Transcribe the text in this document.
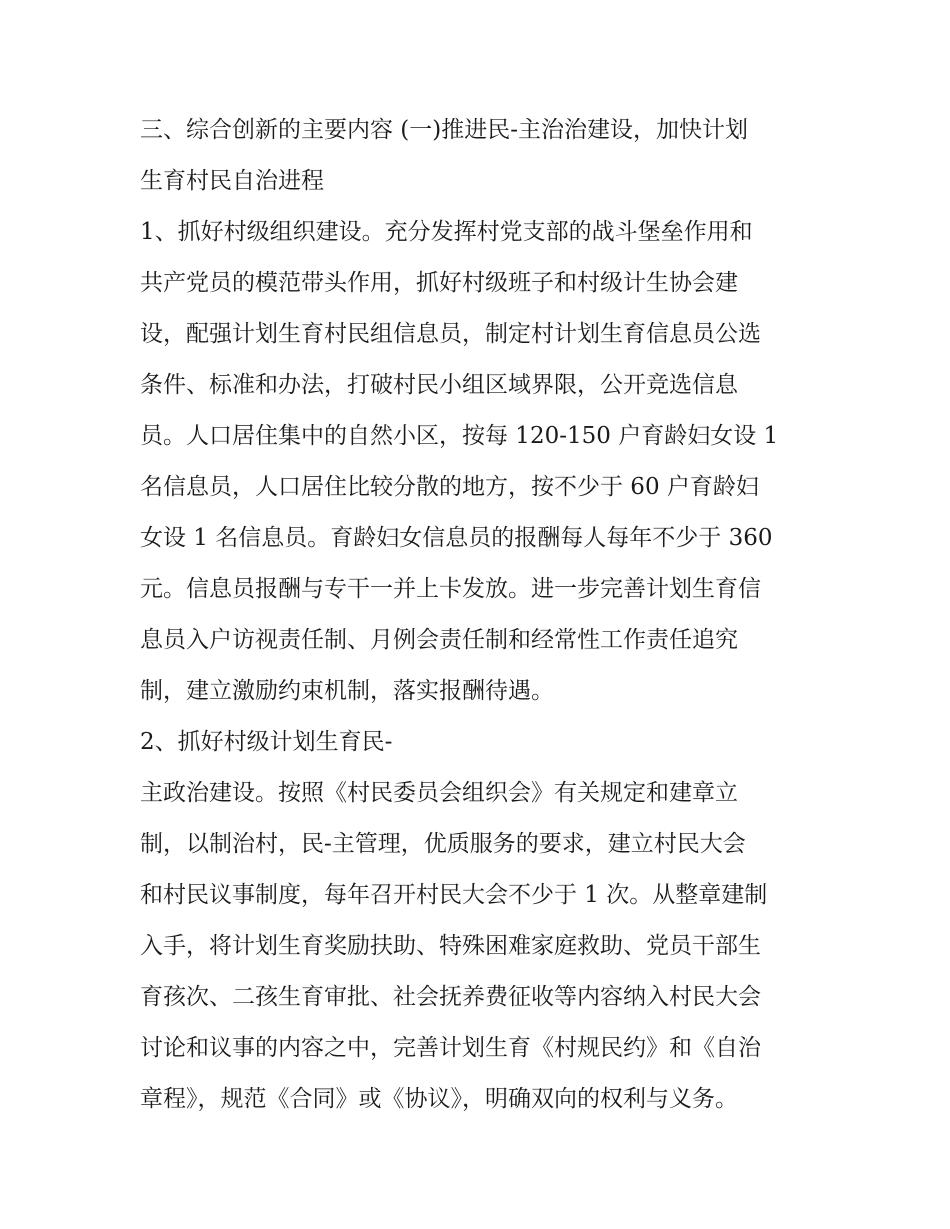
三、综合创新的主要内容 (一)推进民-主治治建设，加快计划
生育村民自治进程
1、抓好村级组织建设。充分发挥村党支部的战斗堡垒作用和
共产党员的模范带头作用，抓好村级班子和村级计生协会建
设，配强计划生育村民组信息员，制定村计划生育信息员公选
条件、标准和办法，打破村民小组区域界限，公开竞选信息
员。人口居住集中的自然小区，按每 120-150 户育龄妇女设 1
名信息员，人口居住比较分散的地方，按不少于 60 户育龄妇
女设 1 名信息员。育龄妇女信息员的报酬每人每年不少于 360
元。信息员报酬与专干一并上卡发放。进一步完善计划生育信
息员入户访视责任制、月例会责任制和经常性工作责任追究
制，建立激励约束机制，落实报酬待遇。
2、抓好村级计划生育民-
主政治建设。按照《村民委员会组织会》有关规定和建章立
制，以制治村，民-主管理，优质服务的要求，建立村民大会
和村民议事制度，每年召开村民大会不少于 1 次。从整章建制
入手，将计划生育奖励扶助、特殊困难家庭救助、党员干部生
育孩次、二孩生育审批、社会抚养费征收等内容纳入村民大会
讨论和议事的内容之中，完善计划生育《村规民约》和《自治
章程》，规范《合同》或《协议》，明确双向的权利与义务。
